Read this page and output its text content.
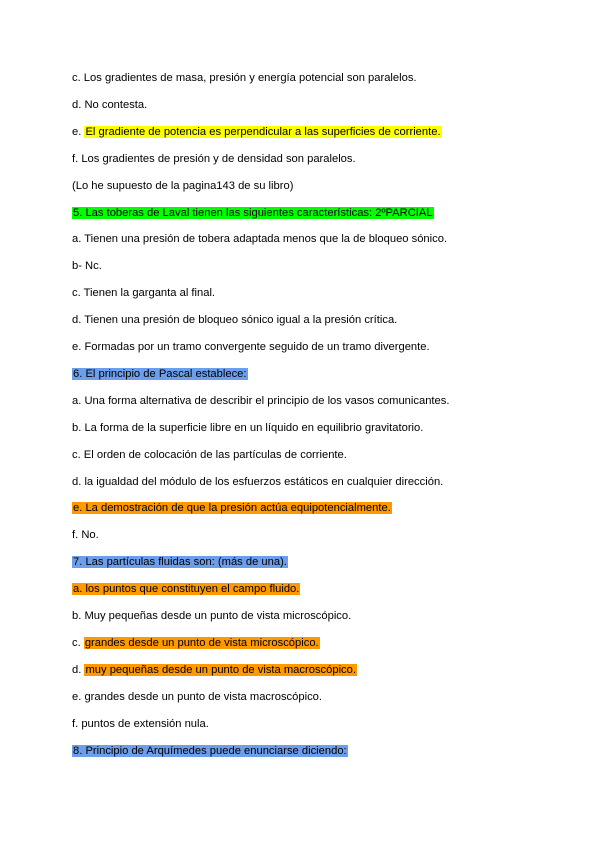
c. Los gradientes de masa, presión y energía potencial son paralelos.
d. No contesta.
e. El gradiente de potencia es perpendicular a las superficies de corriente.
f. Los gradientes de presión y de densidad son paralelos.
(Lo he supuesto de la pagina143 de su libro)
5. Las toberas de Laval tienen las siguientes características: 2ºPARCIAL
a. Tienen una presión de tobera adaptada menos que la de bloqueo sónico.
b- Nc.
c. Tienen la garganta al final.
d. Tienen una presión de bloqueo sónico igual a la presión crítica.
e. Formadas por un tramo convergente seguido de un tramo divergente.
6. El principio de Pascal establece:
a. Una forma alternativa de describir el principio de los vasos comunicantes.
b. La forma de la superficie libre en un líquido en equilibrio gravitatorio.
c. El orden de colocación de las partículas de corriente.
d. la igualdad del módulo de los esfuerzos estáticos en cualquier dirección.
e. La demostración de que la presión actúa equipotencialmente.
f. No.
7. Las partículas fluidas son: (más de una).
a. los puntos que constituyen el campo fluido.
b. Muy pequeñas desde un punto de vista microscópico.
c. grandes desde un punto de vista microscópico.
d. muy pequeñas desde un punto de vista macroscópico.
e. grandes desde un punto de vista macroscópico.
f. puntos de extensión nula.
8. Principio de Arquímedes puede enunciarse diciendo:
